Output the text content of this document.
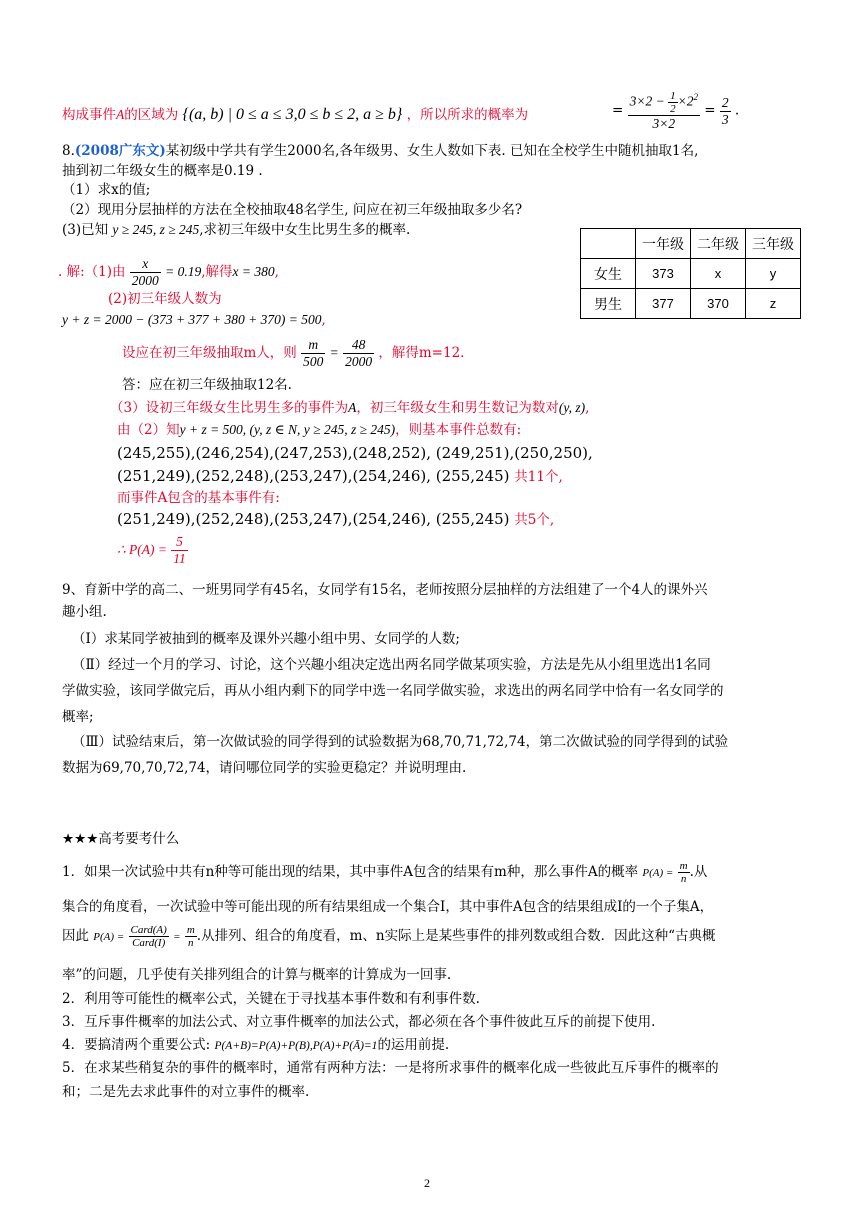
构成事件A的区域为 {(a, b) | 0 ≤ a ≤ 3,0 ≤ b ≤ 2, a ≥ b} ，所以所求的概率为	= $\frac{3\times 2 - \frac{1}{2} \times 2^2}{3\times 2} = \frac{2}{3}$ .
8.(2008广东文)某初级中学共有学生2000名,各年级男、女生人数如下表. 已知在全校学生中随机抽取1名,
抽到初二年级女生的概率是0.19 .
（1）求x的值;
（2）现用分层抽样的方法在全校抽取48名学生, 问应在初三年级抽取多少名?
(3)已知 y ≥ 245, z ≥ 245,求初三年级中女生比男生多的概率.
	一年级	二年级	三年级
女生	373	x	y
男生	377	370	z
. 解:（1)由 $\frac{x}{2000} = 0.19$,解得x = 380,
(2)初三年级人数为
y + z = 2000 − (373 + 377 + 380 + 370) = 500,
设应在初三年级抽取m人，则 $\frac{m}{500} = \frac{48}{2000}$ ，解得m=12.
答：应在初三年级抽取12名.
（3）设初三年级女生比男生多的事件为A，初三年级女生和男生数记为数对(y, z),
由（2）知y + z = 500, (y, z ∈ N, y ≥ 245, z ≥ 245)，则基本事件总数有:
(245,255),(246,254),(247,253),(248,252), (249,251),(250,250),
(251,249),(252,248),(253,247),(254,246), (255,245) 共11个,
而事件A包含的基本事件有:
(251,249),(252,248),(253,247),(254,246), (255,245) 共5个,
∴ $P(A) = \frac{5}{11}$
9、育新中学的高二、一班男同学有45名，女同学有15名，老师按照分层抽样的方法组建了一个4人的课外兴
趣小组.
（Ⅰ）求某同学被抽到的概率及课外兴趣小组中男、女同学的人数;
（Ⅱ）经过一个月的学习、讨论，这个兴趣小组决定选出两名同学做某项实验，方法是先从小组里选出1名同
学做实验，该同学做完后，再从小组内剩下的同学中选一名同学做实验，求选出的两名同学中恰有一名女同学的
概率;
（Ⅲ）试验结束后，第一次做试验的同学得到的试验数据为68,70,71,72,74，第二次做试验的同学得到的试验
数据为69,70,70,72,74，请问哪位同学的实验更稳定？并说明理由.
★★★高考要考什么
1．如果一次试验中共有n种等可能出现的结果，其中事件A包含的结果有m种，那么事件A的概率 $P(A) = \frac{m}{n}$ .从
集合的角度看，一次试验中等可能出现的所有结果组成一个集合I，其中事件A包含的结果组成I的一个子集A，
因此 $P(A) = \frac{\text{Card(A)}}{\text{Card(I)}} = \frac{m}{n}$ .从排列、组合的角度看，m、n实际上是某些事件的排列数或组合数．因此这种“古典概
率”的问题，几乎使有关排列组合的计算与概率的计算成为一回事.
2．利用等可能性的概率公式，关键在于寻找基本事件数和有利事件数.
3．互斥事件概率的加法公式、对立事件概率的加法公式，都必须在各个事件彼此互斥的前提下使用.
4．要搞清两个重要公式: P(A+B)=P(A)+P(B),P(A)+P(Ā)=1的运用前提.
5．在求某些稍复杂的事件的概率时，通常有两种方法：一是将所求事件的概率化成一些彼此互斥事件的概率的
和；二是先去求此事件的对立事件的概率.
2
